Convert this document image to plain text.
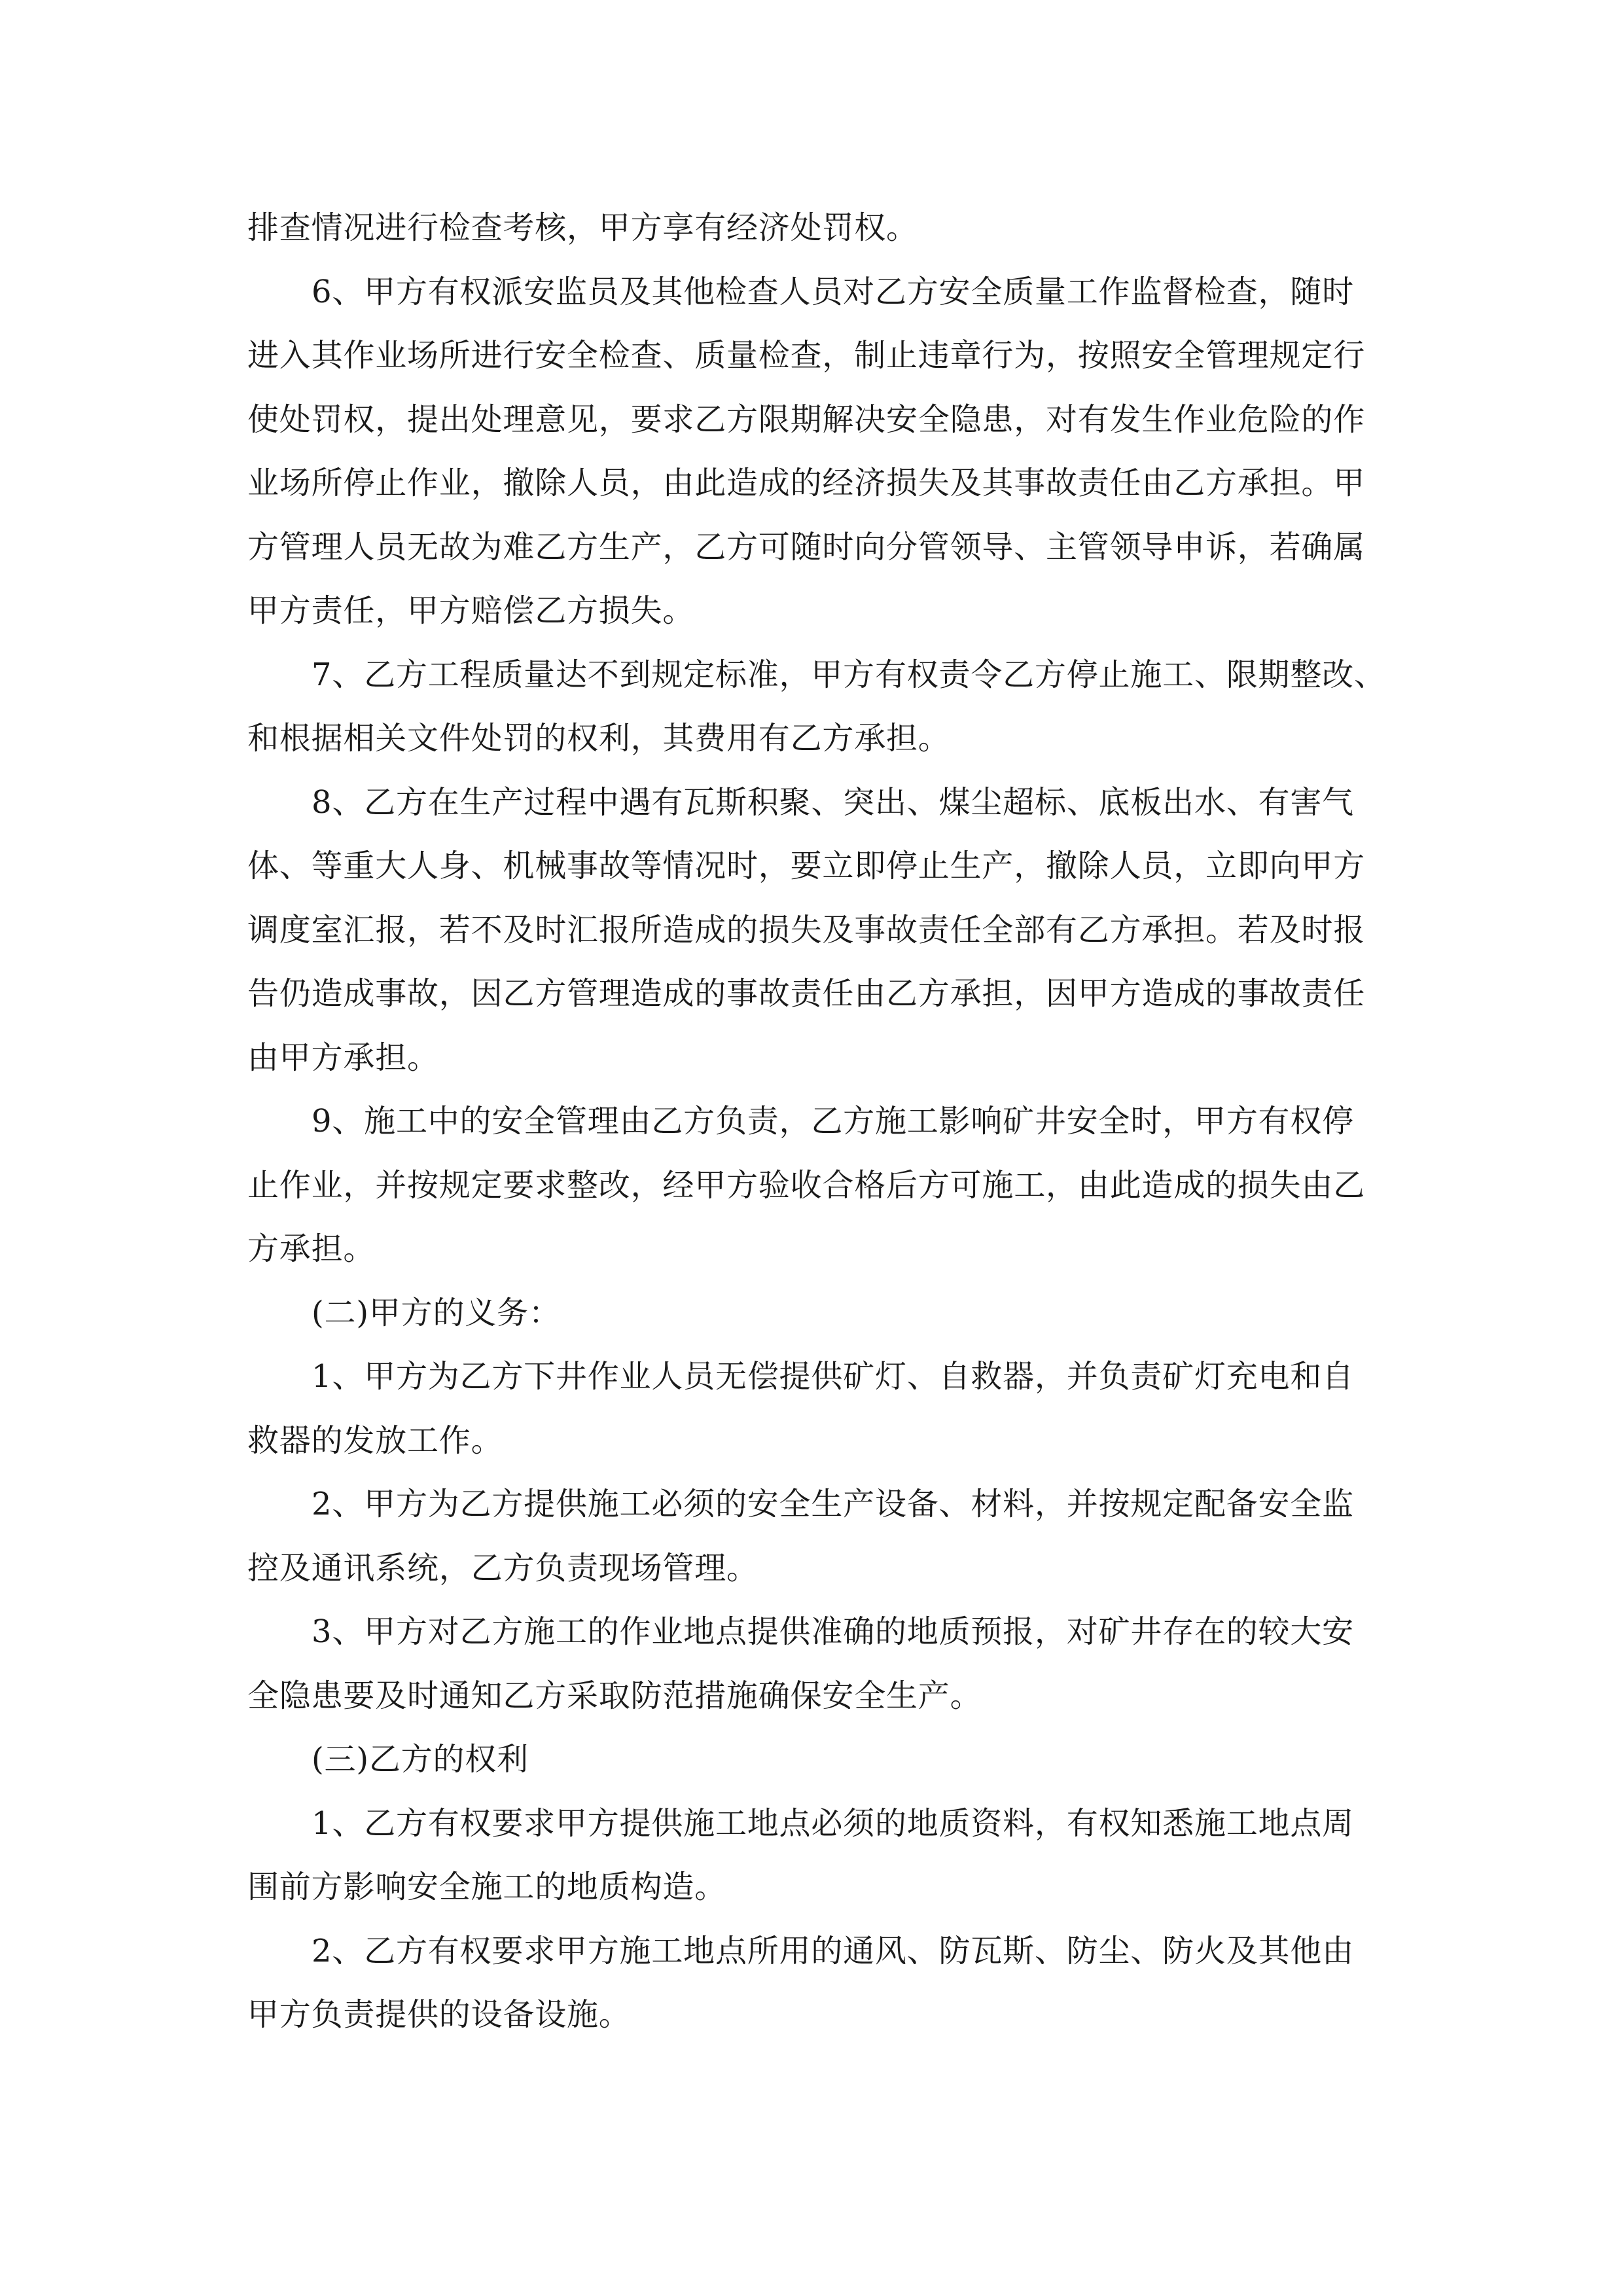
排查情况进行检查考核，甲方享有经济处罚权。
6、甲方有权派安监员及其他检查人员对乙方安全质量工作监督检查，随时
进入其作业场所进行安全检查、质量检查，制止违章行为，按照安全管理规定行
使处罚权，提出处理意见，要求乙方限期解决安全隐患，对有发生作业危险的作
业场所停止作业，撤除人员，由此造成的经济损失及其事故责任由乙方承担。甲
方管理人员无故为难乙方生产，乙方可随时向分管领导、主管领导申诉，若确属
甲方责任，甲方赔偿乙方损失。
7、乙方工程质量达不到规定标准，甲方有权责令乙方停止施工、限期整改、
和根据相关文件处罚的权利，其费用有乙方承担。
8、乙方在生产过程中遇有瓦斯积聚、突出、煤尘超标、底板出水、有害气
体、等重大人身、机械事故等情况时，要立即停止生产，撤除人员，立即向甲方
调度室汇报，若不及时汇报所造成的损失及事故责任全部有乙方承担。若及时报
告仍造成事故，因乙方管理造成的事故责任由乙方承担，因甲方造成的事故责任
由甲方承担。
9、施工中的安全管理由乙方负责，乙方施工影响矿井安全时，甲方有权停
止作业，并按规定要求整改，经甲方验收合格后方可施工，由此造成的损失由乙
方承担。
(二)甲方的义务：
1、甲方为乙方下井作业人员无偿提供矿灯、自救器，并负责矿灯充电和自
救器的发放工作。
2、甲方为乙方提供施工必须的安全生产设备、材料，并按规定配备安全监
控及通讯系统，乙方负责现场管理。
3、甲方对乙方施工的作业地点提供准确的地质预报，对矿井存在的较大安
全隐患要及时通知乙方采取防范措施确保安全生产。
(三)乙方的权利
1、乙方有权要求甲方提供施工地点必须的地质资料，有权知悉施工地点周
围前方影响安全施工的地质构造。
2、乙方有权要求甲方施工地点所用的通风、防瓦斯、防尘、防火及其他由
甲方负责提供的设备设施。
